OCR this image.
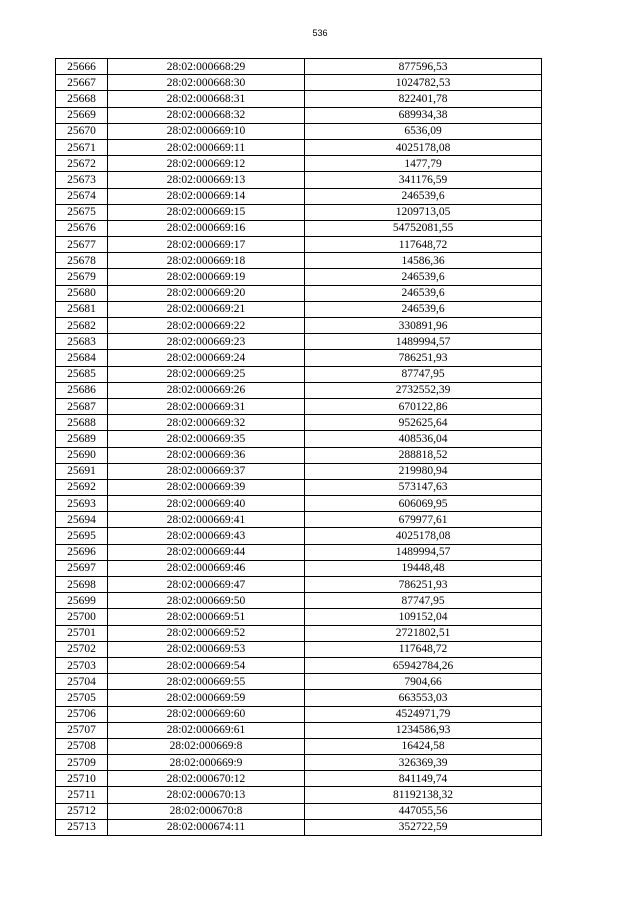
536
25666	28:02:000668:29	877596,53
25667	28:02:000668:30	1024782,53
25668	28:02:000668:31	822401,78
25669	28:02:000668:32	689934,38
25670	28:02:000669:10	6536,09
25671	28:02:000669:11	4025178,08
25672	28:02:000669:12	1477,79
25673	28:02:000669:13	341176,59
25674	28:02:000669:14	246539,6
25675	28:02:000669:15	1209713,05
25676	28:02:000669:16	54752081,55
25677	28:02:000669:17	117648,72
25678	28:02:000669:18	14586,36
25679	28:02:000669:19	246539,6
25680	28:02:000669:20	246539,6
25681	28:02:000669:21	246539,6
25682	28:02:000669:22	330891,96
25683	28:02:000669:23	1489994,57
25684	28:02:000669:24	786251,93
25685	28:02:000669:25	87747,95
25686	28:02:000669:26	2732552,39
25687	28:02:000669:31	670122,86
25688	28:02:000669:32	952625,64
25689	28:02:000669:35	408536,04
25690	28:02:000669:36	288818,52
25691	28:02:000669:37	219980,94
25692	28:02:000669:39	573147,63
25693	28:02:000669:40	606069,95
25694	28:02:000669:41	679977,61
25695	28:02:000669:43	4025178,08
25696	28:02:000669:44	1489994,57
25697	28:02:000669:46	19448,48
25698	28:02:000669:47	786251,93
25699	28:02:000669:50	87747,95
25700	28:02:000669:51	109152,04
25701	28:02:000669:52	2721802,51
25702	28:02:000669:53	117648,72
25703	28:02:000669:54	65942784,26
25704	28:02:000669:55	7904,66
25705	28:02:000669:59	663553,03
25706	28:02:000669:60	4524971,79
25707	28:02:000669:61	1234586,93
25708	28:02:000669:8	16424,58
25709	28:02:000669:9	326369,39
25710	28:02:000670:12	841149,74
25711	28:02:000670:13	81192138,32
25712	28:02:000670:8	447055,56
25713	28:02:000674:11	352722,59
